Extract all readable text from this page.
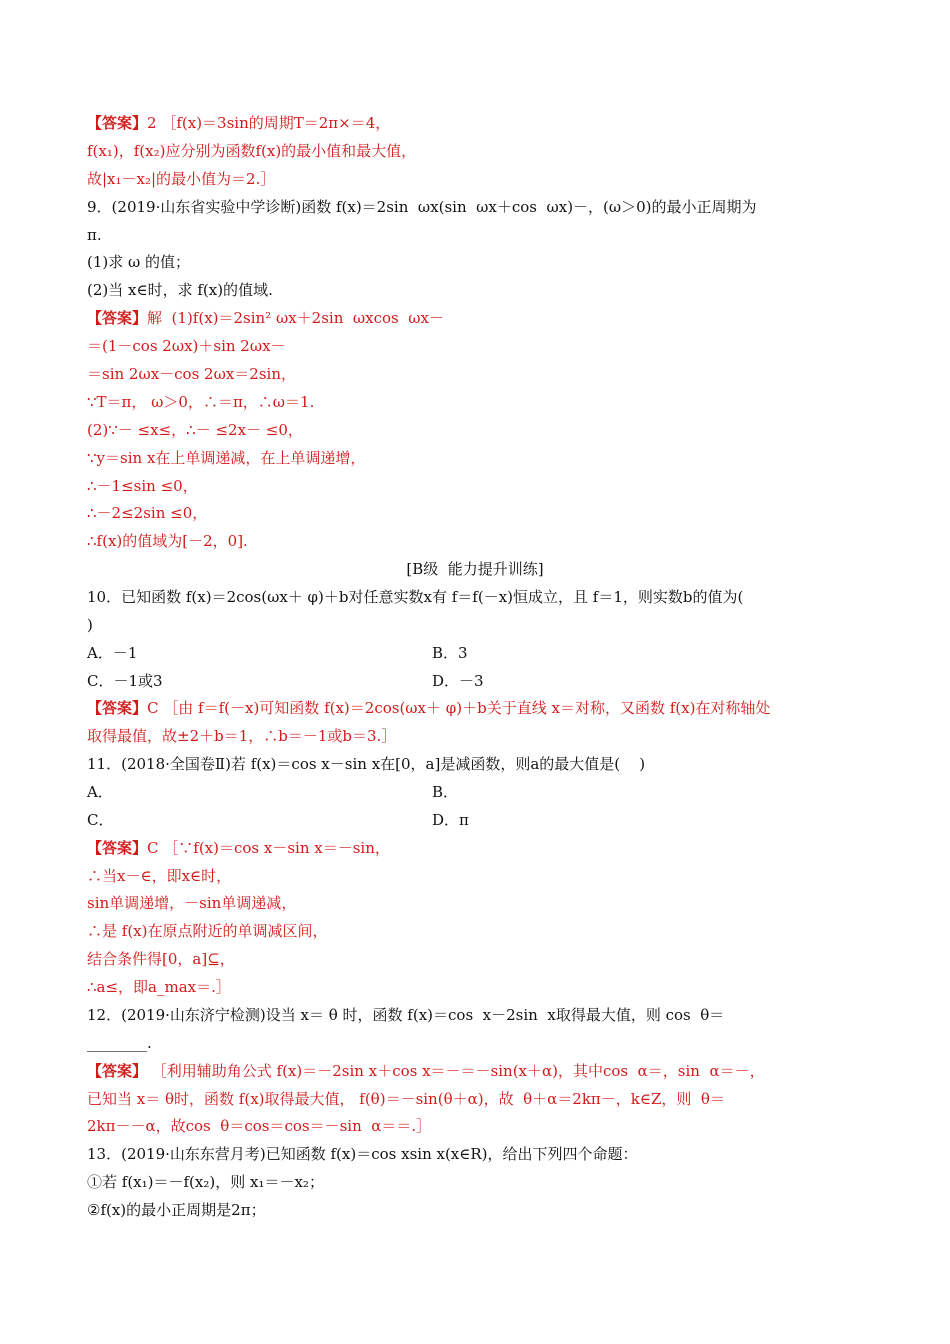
【答案】2 ［f(x)＝3sin的周期T＝2π×＝4，
f(x₁)，f(x₂)应分别为函数f(x)的最小值和最大值，
故|x₁－x₂|的最小值为＝2.］
9．(2019·山东省实验中学诊断)函数 f(x)＝2sin  ωx(sin  ωx＋cos  ωx)－，(ω＞0)的最小正周期为
π.
(1)求 ω 的值；
(2)当 x∈时，求 f(x)的值域.
【答案】解  (1)f(x)＝2sin² ωx＋2sin  ωxcos  ωx－
＝(1－cos 2ωx)＋sin 2ωx－
＝sin 2ωx－cos 2ωx＝2sin，
∵T＝π， ω＞0，∴＝π，∴ω＝1.
(2)∵－ ≤x≤，∴－ ≤2x－ ≤0，
∵y＝sin x在上单调递减，在上单调递增，
∴－1≤sin ≤0，
∴－2≤2sin ≤0，
∴f(x)的值域为[－2，0].
[B级  能力提升训练]
10．已知函数 f(x)＝2cos(ωx＋ φ)＋b对任意实数x有 f＝f(－x)恒成立，且 f＝1，则实数b的值为(
)
A．－1	B．3
C．－1或3	D．－3
【答案】C ［由 f＝f(－x)可知函数 f(x)＝2cos(ωx＋ φ)＋b关于直线 x＝对称，又函数 f(x)在对称轴处
取得最值，故±2＋b＝1，∴b＝－1或b＝3.］
11．(2018·全国卷Ⅱ)若 f(x)＝cos x－sin x在[0，a]是减函数，则a的最大值是(    )
A．	B．
C．	D．π
【答案】C ［∵f(x)＝cos x－sin x＝－sin，
∴当x－∈，即x∈时，
sin单调递增，－sin单调递减，
∴是 f(x)在原点附近的单调减区间，
结合条件得[0，a]⊆，
∴a≤，即a_max＝.］
12．(2019·山东济宁检测)设当 x＝ θ 时，函数 f(x)＝cos  x－2sin  x取得最大值，则 cos  θ＝
________.
【答案】 ［利用辅助角公式 f(x)＝－2sin x＋cos x＝－＝－sin(x＋α)，其中cos  α＝，sin  α＝－，
已知当 x＝ θ时，函数 f(x)取得最大值， f(θ)＝－sin(θ＋α)，故  θ＋α＝2kπ－，k∈Z，则  θ＝
2kπ－－α，故cos  θ＝cos＝cos＝－sin  α＝＝.］
13．(2019·山东东营月考)已知函数 f(x)＝cos xsin x(x∈R)，给出下列四个命题：
①若 f(x₁)＝－f(x₂)，则 x₁＝－x₂；
②f(x)的最小正周期是2π；
